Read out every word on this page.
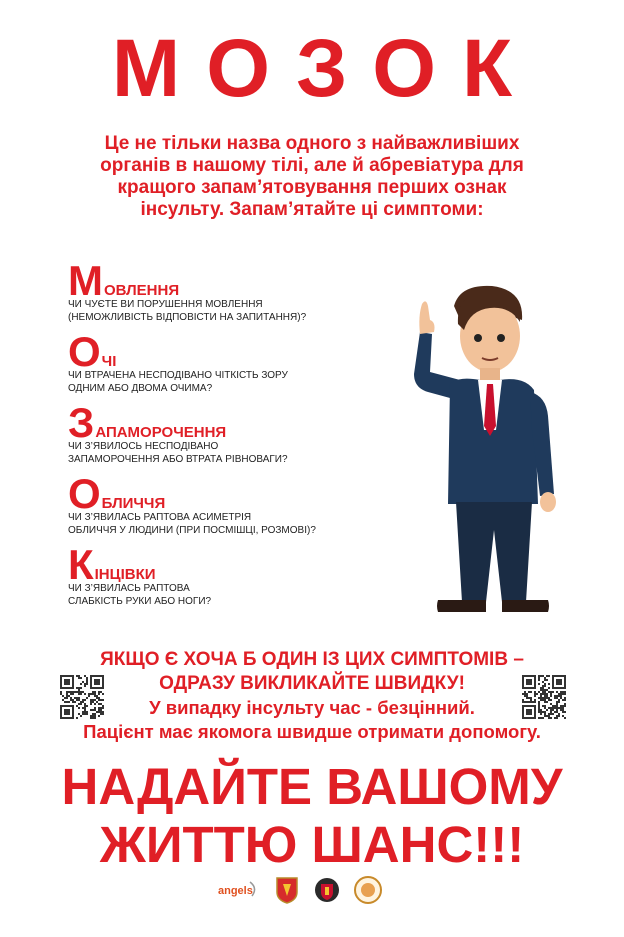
МОЗОК
Це не тільки назва одного з найважливіших
органів в нашому тілі, але й абревіатура для
кращого запам’ятовування перших ознак
інсульту. Запам’ятайте ці симптоми:
МОВЛЕННЯ
ЧИ ЧУЄТЕ ВИ ПОРУШЕННЯ МОВЛЕННЯ
(НЕМОЖЛИВІСТЬ ВІДПОВІСТИ НА ЗАПИТАННЯ)?
ОЧІ
ЧИ ВТРАЧЕНА НЕСПОДІВАНО ЧІТКІСТЬ ЗОРУ
ОДНИМ АБО ДВОМА ОЧИМА?
ЗАПАМОРОЧЕННЯ
ЧИ З’ЯВИЛОСЬ НЕСПОДІВАНО
ЗАПАМОРОЧЕННЯ АБО ВТРАТА РІВНОВАГИ?
ОБЛИЧЧЯ
ЧИ З’ЯВИЛАСЬ РАПТОВА АСИМЕТРІЯ
ОБЛИЧЧЯ У ЛЮДИНИ (ПРИ ПОСМІШЦІ, РОЗМОВІ)?
КІНЦІВКИ
ЧИ З’ЯВИЛАСЬ РАПТОВА
СЛАБКІСТЬ РУКИ АБО НОГИ?
ЯКЩО Є ХОЧА Б ОДИН ІЗ ЦИХ СИМПТОМІВ –
ОДРАЗУ ВИКЛИКАЙТЕ ШВИДКУ!
У випадку інсульту час - безцінний.
Пацієнт має якомога швидше отримати допомогу.
НАДАЙТЕ ВАШОМУ
ЖИТТЮ ШАНС!!!
angels
